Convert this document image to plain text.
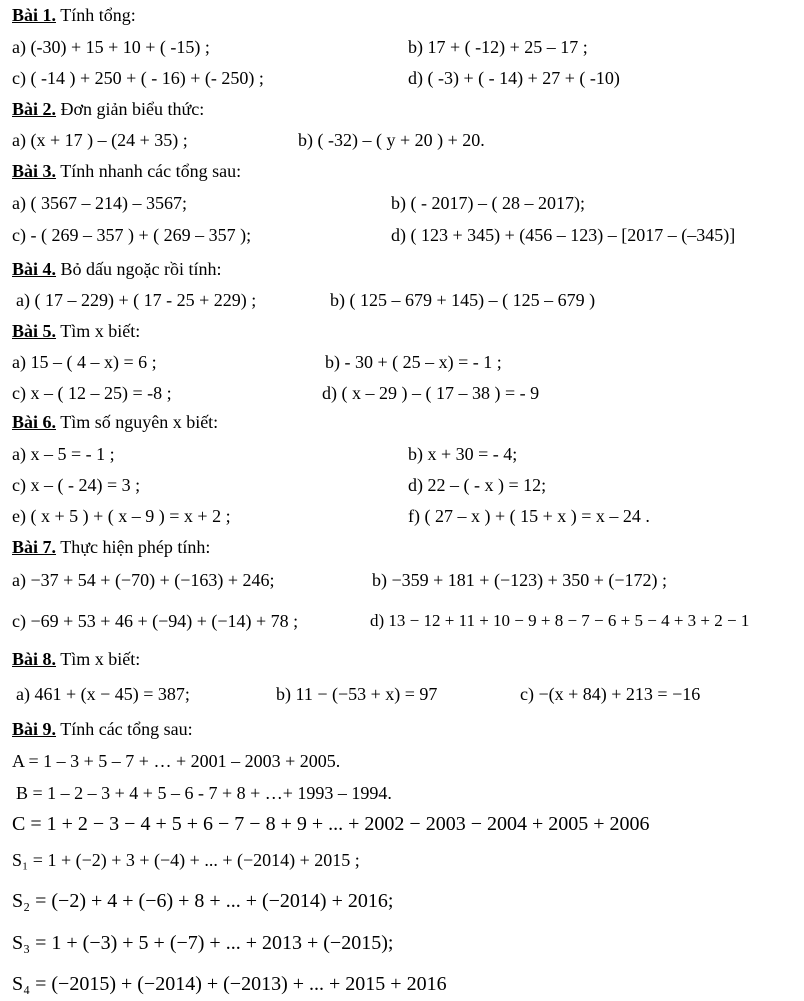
Bài 1. Tính tổng:
a) (-30) + 15 + 10 + ( -15) ;	b) 17 + ( -12) + 25 – 17 ;
c) ( -14 ) + 250 + ( - 16) + (- 250) ;	d) ( -3) + ( - 14) + 27 + ( -10)
Bài 2. Đơn giản biểu thức:
a) (x + 17 ) – (24 + 35) ;	b) ( -32) – ( y + 20 ) + 20.
Bài 3. Tính nhanh các tổng sau:
a) ( 3567 – 214) – 3567;	b) ( - 2017) – ( 28 – 2017);
c) - ( 269 – 357 ) + ( 269 – 357 );	d) ( 123 + 345) + (456 – 123) – [2017 – (–345)]
Bài 4. Bỏ dấu ngoặc rồi tính:
a) ( 17 – 229) + ( 17 - 25 + 229) ;	b) ( 125 – 679 + 145) – ( 125 – 679 )
Bài 5. Tìm x biết:
a) 15 – ( 4 – x) = 6 ;	b) - 30 + ( 25 – x) = - 1 ;
c) x – ( 12 – 25) = -8 ;	d) ( x – 29 ) – ( 17 – 38 ) = - 9
Bài 6. Tìm số nguyên x biết:
a) x – 5 = - 1 ;	b) x + 30 = - 4;
c) x – ( - 24) = 3 ;	d) 22 – ( - x ) = 12;
e) ( x + 5 ) + ( x – 9 ) = x + 2 ;	f) ( 27 – x ) + ( 15 + x ) = x – 24 .
Bài 7. Thực hiện phép tính:
a) −37 + 54 + (−70) + (−163) + 246;	b) −359 + 181 + (−123) + 350 + (−172) ;
c) −69 + 53 + 46 + (−94) + (−14) + 78 ;	d) 13 − 12 + 11 + 10 − 9 + 8 − 7 − 6 + 5 − 4 + 3 + 2 − 1
Bài 8. Tìm x biết:
a) 461 + (x − 45) = 387;	b) 11 − (−53 + x) = 97	c) −(x + 84) + 213 = −16
Bài 9. Tính các tổng sau:
A = 1 – 3 + 5 – 7 + … + 2001 – 2003 + 2005.
B = 1 – 2 – 3 + 4 + 5 – 6 - 7 + 8 + …+ 1993 – 1994.
C = 1 + 2 − 3 − 4 + 5 + 6 − 7 − 8 + 9 + ... + 2002 − 2003 − 2004 + 2005 + 2006
S₁ = 1 + (−2) + 3 + (−4) + ... + (−2014) + 2015 ;
S₂ = (−2) + 4 + (−6) + 8 + ... + (−2014) + 2016;
S₃ = 1 + (−3) + 5 + (−7) + ... + 2013 + (−2015);
S₄ = (−2015) + (−2014) + (−2013) + ... + 2015 + 2016
